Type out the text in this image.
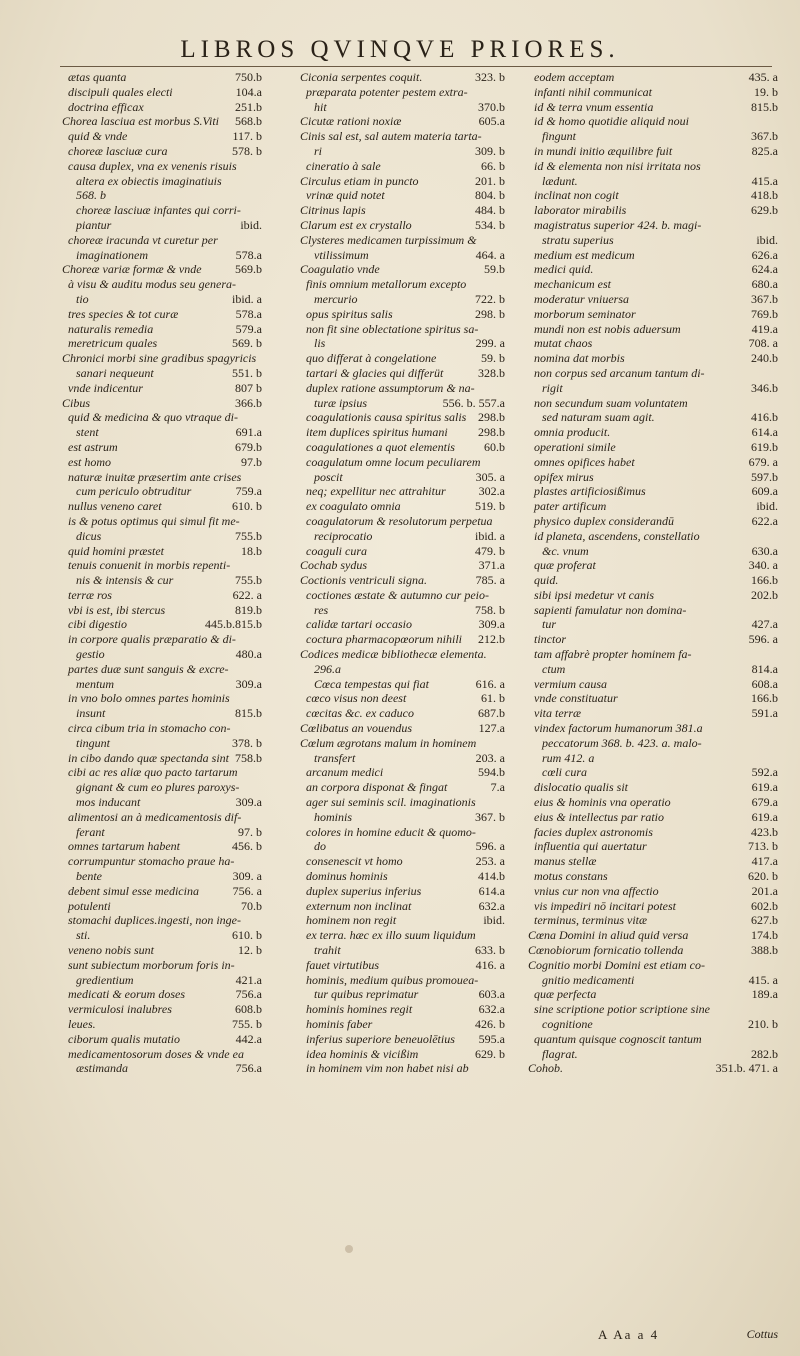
LIBROS QVINQVE PRIORES.
ætas quanta	750.b
discipuli quales electi	104.a
doctrina efficax	251.b
Chorea lasciua est morbus S.Viti	568.b
quid & vnde	117. b
choreæ lasciuæ cura	578. b
causa duplex, vna ex venenis risuis
altera ex obiectis imaginatiuis
568. b
choreæ lasciuæ infantes qui corri-
piantur	ibid.
choreæ iracunda vt curetur per
imaginationem	578.a
Choreæ variæ formæ & vnde	569.b
à visu & auditu modus seu genera-
tio	ibid. a
tres species & tot curæ	578.a
naturalis remedia	579.a
meretricum quales	569. b
Chronici morbi sine gradibus spagyricis
sanari nequeunt	551. b
vnde indicentur	807 b
Cibus	366.b
quid & medicina & quo vtraque di-
stent	691.a
est astrum	679.b
est homo	97.b
naturæ inuitæ præsertim ante crises
cum periculo obtruditur	759.a
nullus veneno caret	610. b
is & potus optimus qui simul fit me-
dicus	755.b
quid homini præstet	18.b
tenuis conuenit in morbis repenti-
nis & intensis & cur	755.b
terræ ros	622. a
vbi is est, ibi stercus	819.b
cibi digestio	445.b.815.b
in corpore qualis præparatio & di-
gestio	480.a
partes duæ sunt sanguis & excre-
mentum	309.a
in vno bolo omnes partes hominis
insunt	815.b
circa cibum tria in stomacho con-
tingunt	378. b
in cibo dando quæ spectanda sint 758.b
cibi ac res aliæ quo pacto tartarum
gignant & cum eo plures paroxys-
mos inducant	309.a
alimentosi an à medicamentosis dif-
ferant	97. b
omnes tartarum habent	456. b
corrumpuntur stomacho praue ha-
bente	309. a
debent simul esse medicina	756. a
potulenti	70.b
stomachi duplices.ingesti, non inge-
sti.	610. b
veneno nobis sunt	12. b
sunt subiectum morborum foris in-
gredientium	421.a
medicati & eorum doses	756.a
vermiculosi inalubres	608.b
leues.	755. b
ciborum qualis mutatio	442.a
medicamentosorum doses & vnde ea
æstimanda	756.a
Ciconia serpentes coquit.	323. b
præparata potenter pestem extra-
hit	370.b
Cicutæ rationi noxiæ	605.a
Cinis sal est, sal autem materia tarta-
ri	309. b
cineratio à sale	66. b
Circulus etiam in puncto	201. b
vrinæ quid notet	804. b
Citrinus lapis	484. b
Clarum est ex crystallo	534. b
Clysteres medicamen turpissimum &
vtilissimum	464. a
Coagulatio vnde	59.b
finis omnium metallorum excepto
mercurio	722. b
opus spiritus salis	298. b
non fit sine oblectatione spiritus sa-
lis	299. a
quo differat à congelatione	59. b
tartari & glacies qui differüt	328.b
duplex ratione assumptorum & na-
turæ ipsius	556. b. 557.a
coagulationis causa spiritus salis 298.b
item duplices spiritus humani	298.b
coagulationes a quot elementis	60.b
coagulatum omne locum peculiarem
poscit	305. a
neq; expellitur nec attrahitur	302.a
ex coagulato omnia	519. b
coagulatorum & resolutorum perpetua
reciprocatio	ibid. a
coaguli cura	479. b
Cochab sydus	371.a
Coctionis ventriculi signa.	785. a
coctiones æstate & autumno cur peio-
res	758. b
calidæ tartari occasio	309.a
coctura pharmacopœorum nihili	212.b
Codices medicæ bibliothecæ elementa.
296.a
Cœca tempestas qui fiat	616. a
cœco visus non deest	61. b
cœcitas &c. ex caduco	687.b
Cœlibatus an vouendus	127.a
Cœlum ægrotans malum in hominem
transfert	203. a
arcanum medici	594.b
an corpora disponat & fingat	7.a
ager sui seminis scil. imaginationis
hominis	367. b
colores in homine educit & quomo-
do	596. a
consenescit vt homo	253. a
dominus hominis	414.b
duplex superius inferius	614.a
externum non inclinat	632.a
hominem non regit	ibid.
ex terra. hæc ex illo suum liquidum
trahit	633. b
fauet virtutibus	416. a
hominis, medium quibus promouea-
tur quibus reprimatur	603.a
hominis homines regit	632.a
hominis faber	426. b
inferius superiore beneuolētius	595.a
idea hominis & vicißim	629. b
in hominem vim non habet nisi ab
eodem acceptam	435. a
infanti nihil communicat	19. b
id & terra vnum essentia	815.b
id & homo quotidie aliquid noui
fingunt	367.b
in mundi initio æquilibre fuit	825.a
id & elementa non nisi irritata nos
lædunt.	415.a
inclinat non cogit	418.b
laborator mirabilis	629.b
magistratus superior 424. b. magi-
stratu superius	ibid.
medium est medicum	626.a
medici quid.	624.a
mechanicum est	680.a
moderatur vniuersa	367.b
morborum seminator	769.b
mundi non est nobis aduersum	419.a
mutat chaos	708. a
nomina dat morbis	240.b
non corpus sed arcanum tantum di-
rigit	346.b
non secundum suam voluntatem
sed naturam suam agit.	416.b
omnia producit.	614.a
operationi simile	619.b
omnes opifices habet	679. a
opifex mirus	597.b
plastes artificiosißimus	609.a
pater artificum	ibid.
physico duplex considerandū	622.a
id planeta, ascendens, constellatio
&c. vnum	630.a
quæ proferat	340. a
quid.	166.b
sibi ipsi medetur vt canis	202.b
sapienti famulatur non domina-
tur	427.a
tinctor	596. a
tam affabrè propter hominem fa-
ctum	814.a
vermium causa	608.a
vnde constituatur	166.b
vita terræ	591.a
vindex factorum humanorum 381.a
peccatorum 368. b. 423. a. malo-
rum 412. a
cœli cura	592.a
dislocatio qualis sit	619.a
eius & hominis vna operatio	679.a
eius & intellectus par ratio	619.a
facies duplex astronomis	423.b
influentia qui auertatur	713. b
manus stellæ	417.a
motus constans	620. b
vnius cur non vna affectio	201.a
vis impediri nō incitari potest	602.b
terminus, terminus vitæ	627.b
Cœna Domini in aliud quid versa	174.b
Cœnobiorum fornicatio tollenda	388.b
Cognitio morbi Domini est etiam co-
gnitio medicamenti	415. a
quæ perfecta	189.a
sine scriptione potior scriptione sine
cognitione	210. b
quantum quisque cognoscit tantum
flagrat.	282.b
Cohob.	351.b. 471. a
A Aa a 4	Cottus
